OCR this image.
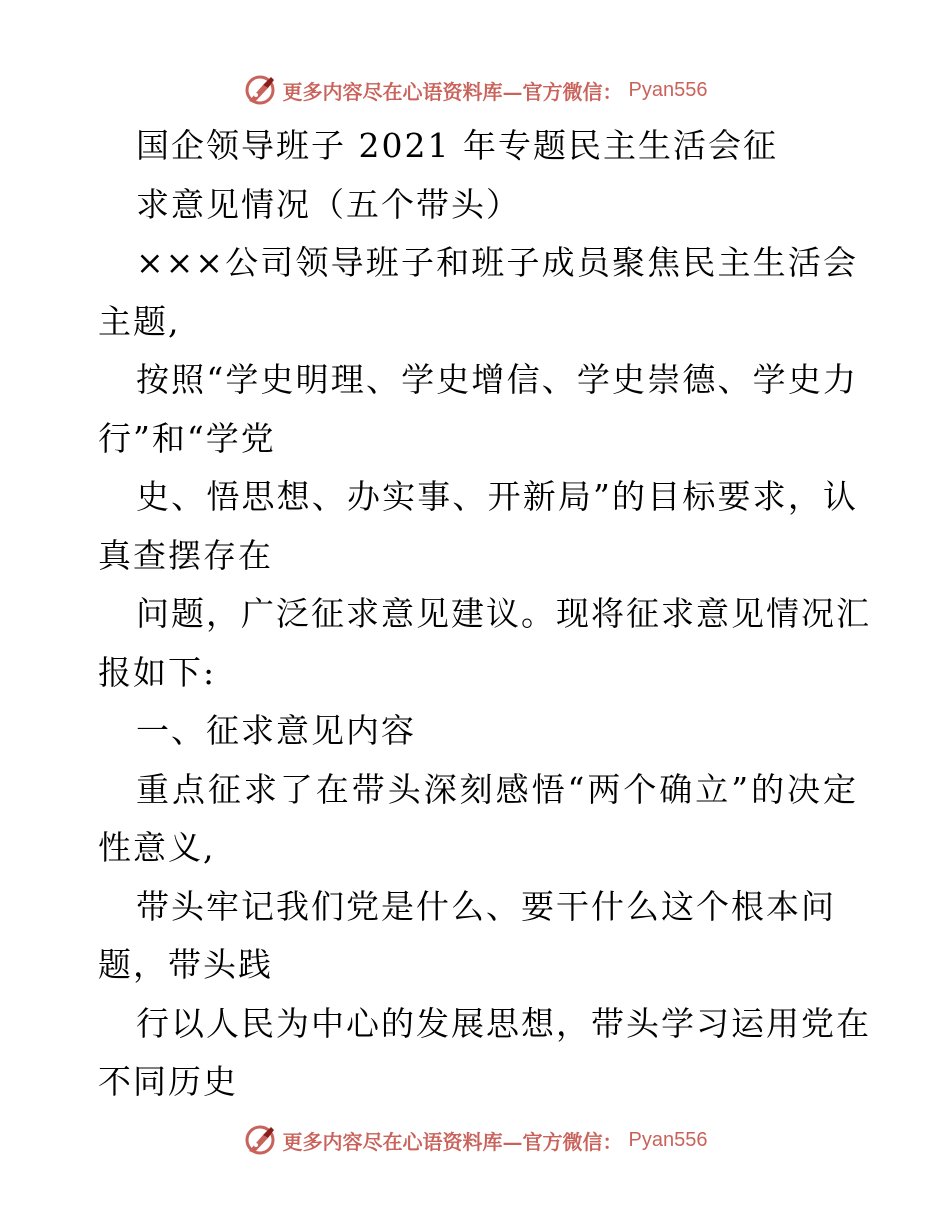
更多内容尽在心语资料库—官方微信： Pyan556
国企领导班子 2021 年专题民主生活会征
求意见情况（五个带头）
×××公司领导班子和班子成员聚焦民主生活会
主题,
按照“学史明理、学史增信、学史崇德、学史力
行”和“学党
史、悟思想、办实事、开新局”的目标要求，认
真查摆存在
问题，广泛征求意见建议。现将征求意见情况汇
报如下:
一、征求意见内容
重点征求了在带头深刻感悟“两个确立”的决定
性意义,
带头牢记我们党是什么、要干什么这个根本问
题，带头践
行以人民为中心的发展思想，带头学习运用党在
不同历史
更多内容尽在心语资料库—官方微信： Pyan556
